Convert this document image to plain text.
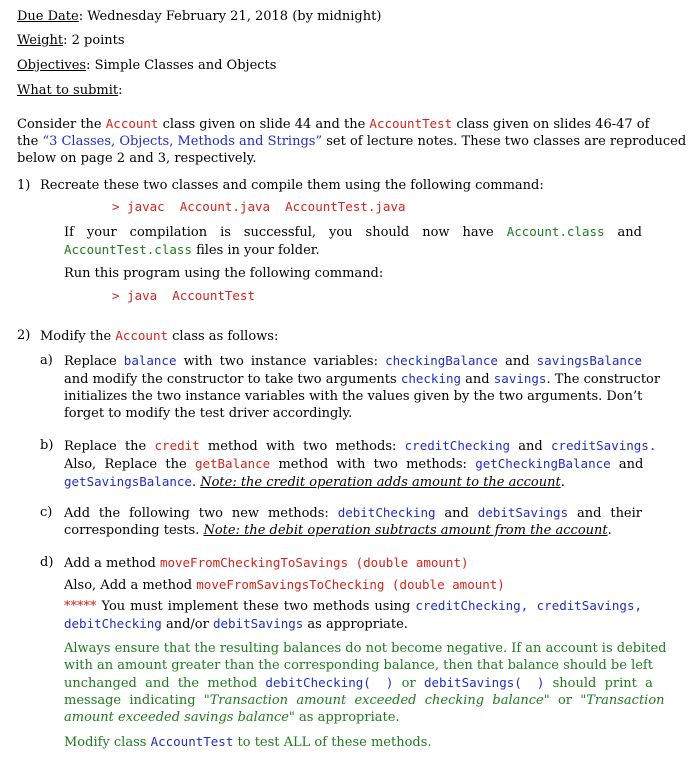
Due Date: Wednesday February 21, 2018 (by midnight)
Weight: 2 points
Objectives: Simple Classes and Objects
What to submit:
Consider the Account class given on slide 44 and the AccountTest class given on slides 46-47 of
the “3 Classes, Objects, Methods and Strings” set of lecture notes. These two classes are reproduced
below on page 2 and 3, respectively.
1) Recreate these two classes and compile them using the following command:
> javac  Account.java  AccountTest.java
If  your  compilation  is  successful,  you  should  now  have  Account.class  and
AccountTest.class files in your folder.
Run this program using the following command:
> java  AccountTest
2) Modify the Account class as follows:
a) Replace balance with two instance variables: checkingBalance and savingsBalance
and modify the constructor to take two arguments checking and savings. The constructor
initializes the two instance variables with the values given by the two arguments. Don’t
forget to modify the test driver accordingly.
b) Replace  the  credit  method  with  two  methods:  creditChecking  and  creditSavings.
Also,  Replace  the  getBalance  method  with  two  methods:  getCheckingBalance  and
getSavingsBalance. Note: the credit operation adds amount to the account.
c) Add  the  following  two  new  methods:  debitChecking  and  debitSavings  and  their
corresponding tests. Note: the debit operation subtracts amount from the account.
d) Add a method moveFromCheckingToSavings (double amount)
Also, Add a method moveFromSavingsToChecking (double amount)
***** You must implement these two methods using creditChecking, creditSavings,
debitChecking and/or debitSavings as appropriate.
Always ensure that the resulting balances do not become negative. If an account is debited
with an amount greater than the corresponding balance, then that balance should be left
unchanged  and  the  method  debitChecking(  )  or  debitSavings(  )  should  print  a
message  indicating  "Transaction  amount  exceeded  checking  balance"  or  "Transaction
amount exceeded savings balance" as appropriate.
Modify class AccountTest to test ALL of these methods.
